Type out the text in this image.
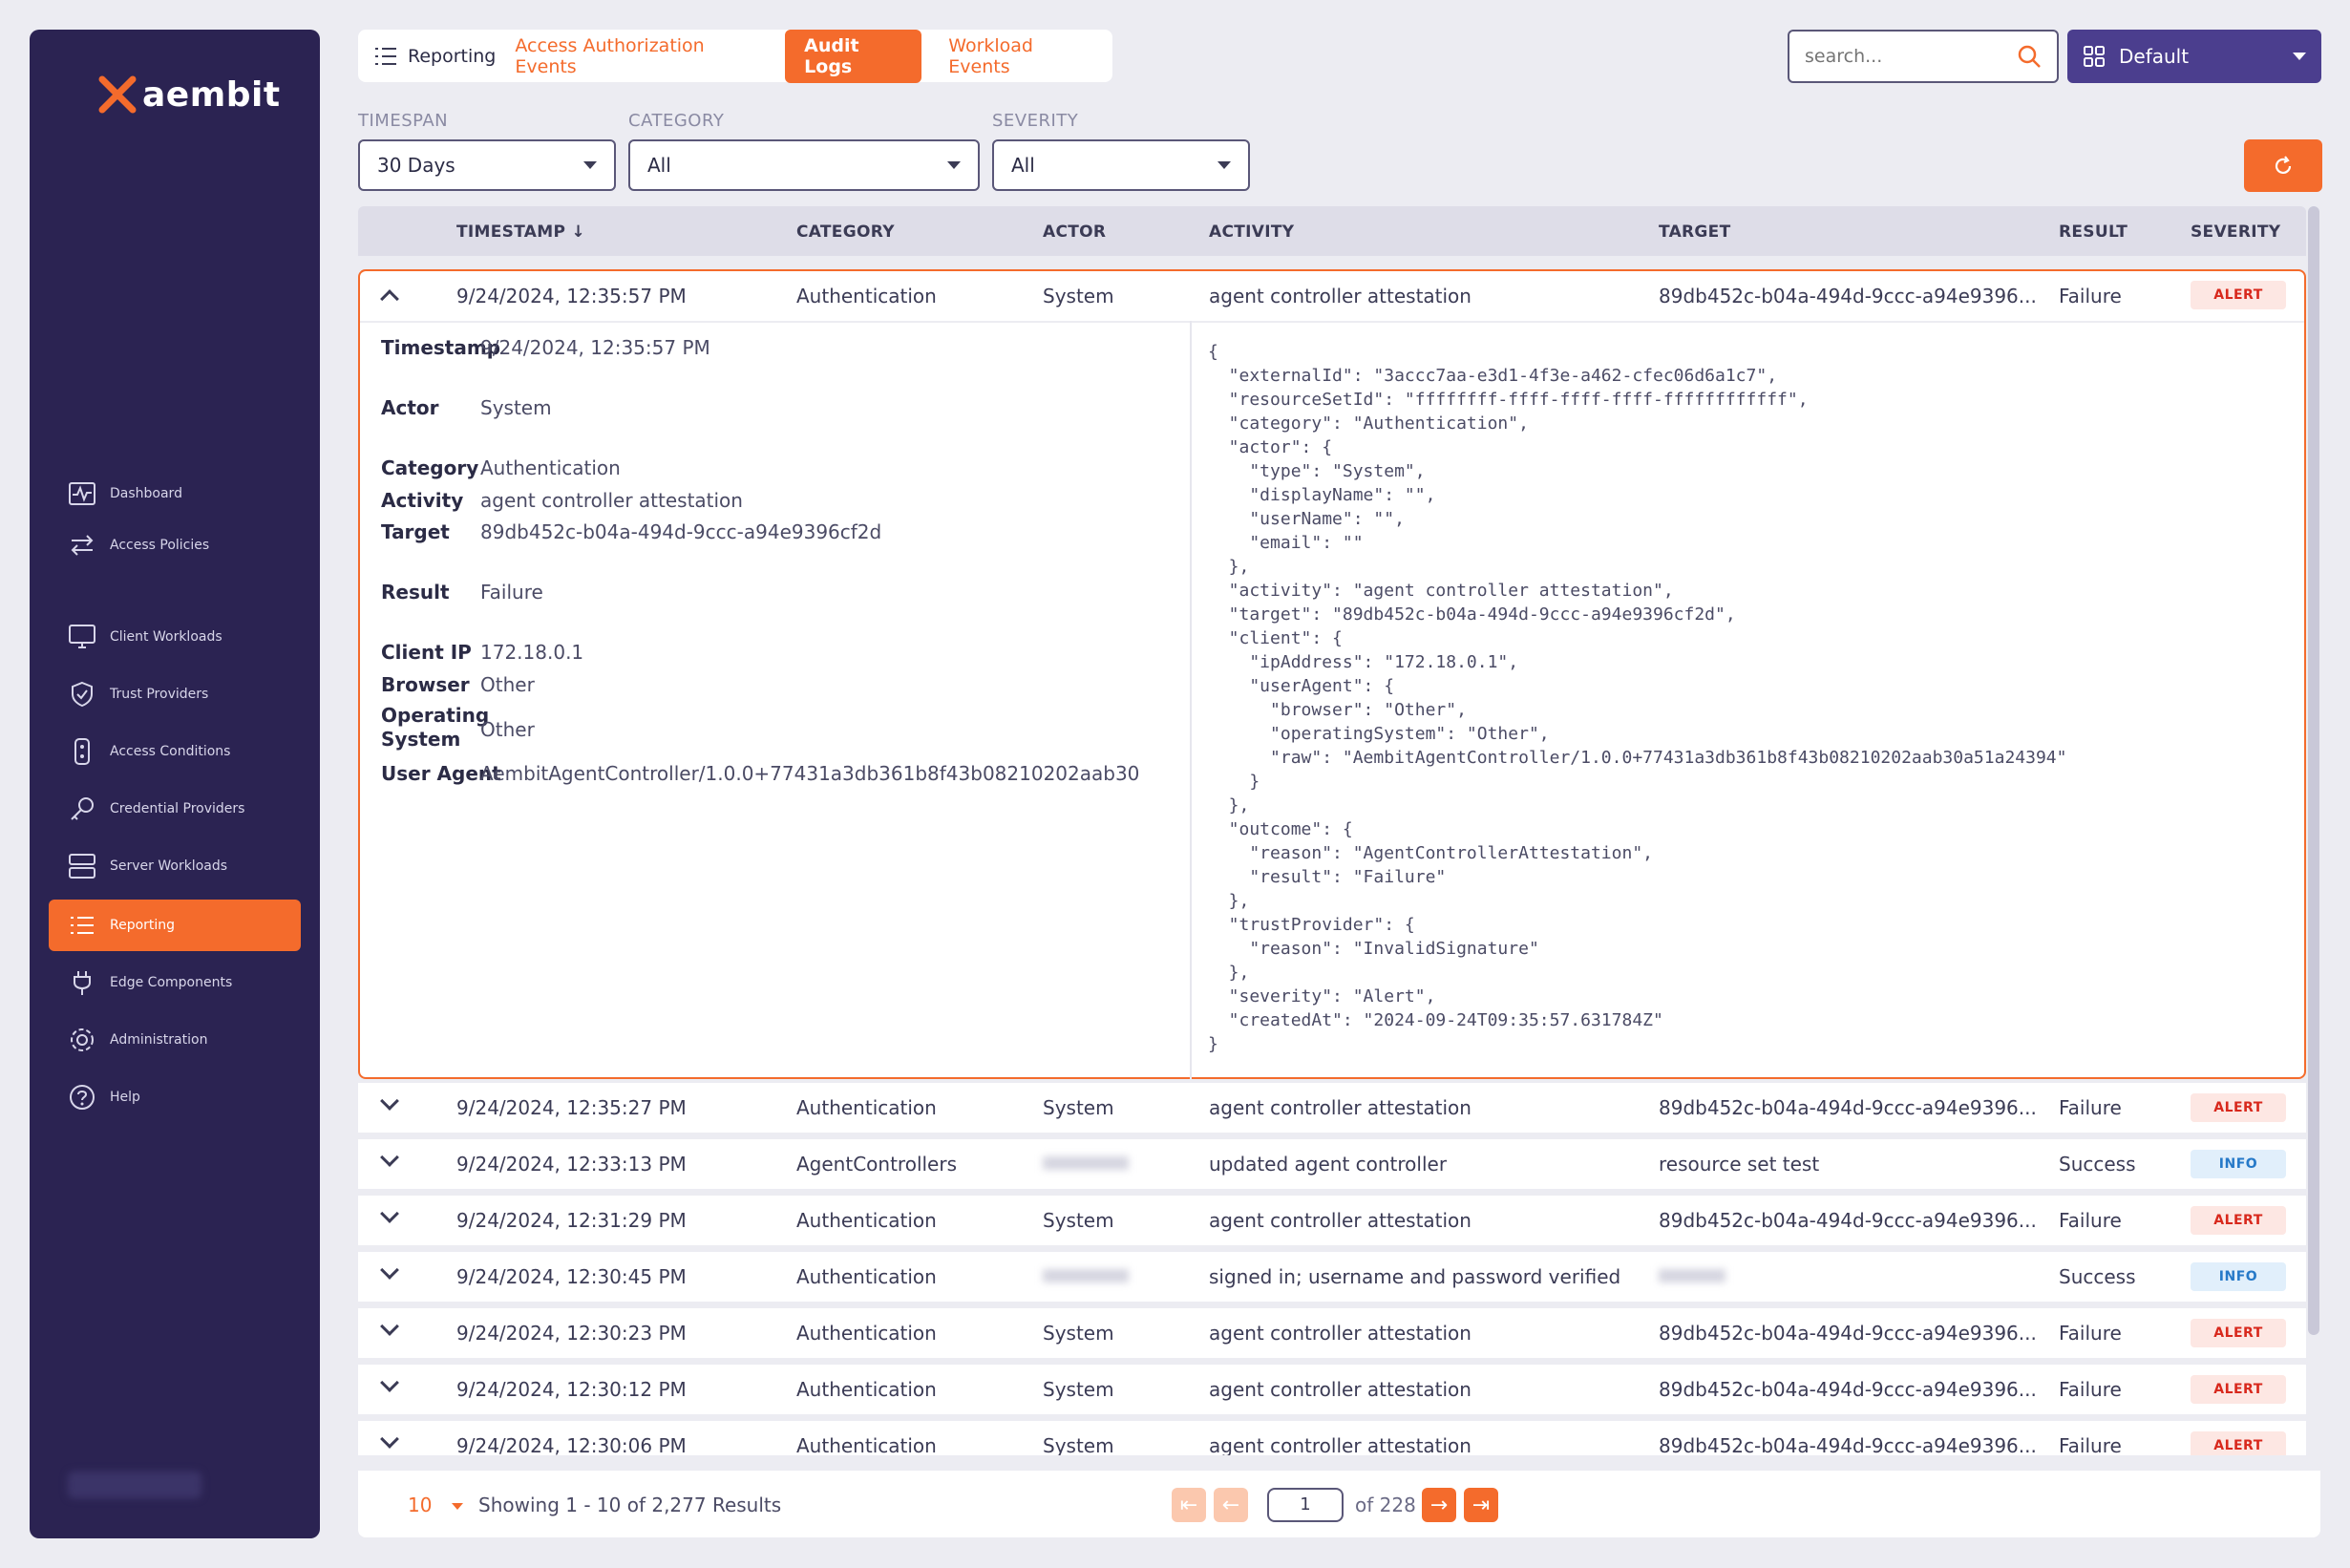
aembit
Dashboard
Access Policies
Client Workloads
Trust Providers
Access Conditions
Credential Providers
Server Workloads
Reporting
Edge Components
Administration
Help
Reporting Access Authorization Events
Audit Logs
Workload Events
search...	Default
TIMESPAN
30 Days
CATEGORY
All
SEVERITY
All
TIMESTAMP ↓	CATEGORY	ACTOR	ACTIVITY	TARGET	RESULT	SEVERITY
9/24/2024, 12:35:57 PM	Authentication	System	agent controller attestation	89db452c-b04a-494d-9ccc-a94e9396... Failure	ALERT
Timestamp
9/24/2024, 12:35:57 PM
Actor System
Category Authentication
Activity agent controller attestation
Target 89db452c-b04a-494d-9ccc-a94e9396cf2d
Result Failure
Client IP 172.18.0.1
Browser Other
Operating
System	Other
User Agent
AembitAgentController/1.0.0+77431a3db361b8f43b08210202aab30
{
"externalId": "3accc7aa-e3d1-4f3e-a462-cfec06d6a1c7",
"resourceSetId": "ffffffff-ffff-ffff-ffff-ffffffffffff",
"category": "Authentication",
"actor": {
"type": "System",
"displayName": "",
"userName": "",
"email": ""
},
"activity": "agent controller attestation",
"target": "89db452c-b04a-494d-9ccc-a94e9396cf2d",
"client": {
"ipAddress": "172.18.0.1",
"userAgent": {
"browser": "Other",
"operatingSystem": "Other",
"raw": "AembitAgentController/1.0.0+77431a3db361b8f43b08210202aab30a51a24394"
}
},
"outcome": {
"reason": "AgentControllerAttestation",
"result": "Failure"
},
"trustProvider": {
"reason": "InvalidSignature"
},
"severity": "Alert",
"createdAt": "2024-09-24T09:35:57.631784Z"
}
9/24/2024, 12:35:27 PM	Authentication	System	agent controller attestation	89db452c-b04a-494d-9ccc-a94e9396... Failure	ALERT
9/24/2024, 12:33:13 PM	AgentControllers	updated agent controller	resource set test	Success	INFO
9/24/2024, 12:31:29 PM	Authentication	System	agent controller attestation	89db452c-b04a-494d-9ccc-a94e9396... Failure	ALERT
9/24/2024, 12:30:45 PM	Authentication	signed in; username and password verified	Success	INFO
9/24/2024, 12:30:23 PM	Authentication	System	agent controller attestation	89db452c-b04a-494d-9ccc-a94e9396... Failure	ALERT
9/24/2024, 12:30:12 PM	Authentication	System	agent controller attestation	89db452c-b04a-494d-9ccc-a94e9396... Failure	ALERT
9/24/2024, 12:30:06 PM	Authentication	System	agent controller attestation	89db452c-b04a-494d-9ccc-a94e9396... Failure	ALERT
10	Showing 1 - 10 of 2,277 Results	⇤ ←	1	of 228 → ⇥
